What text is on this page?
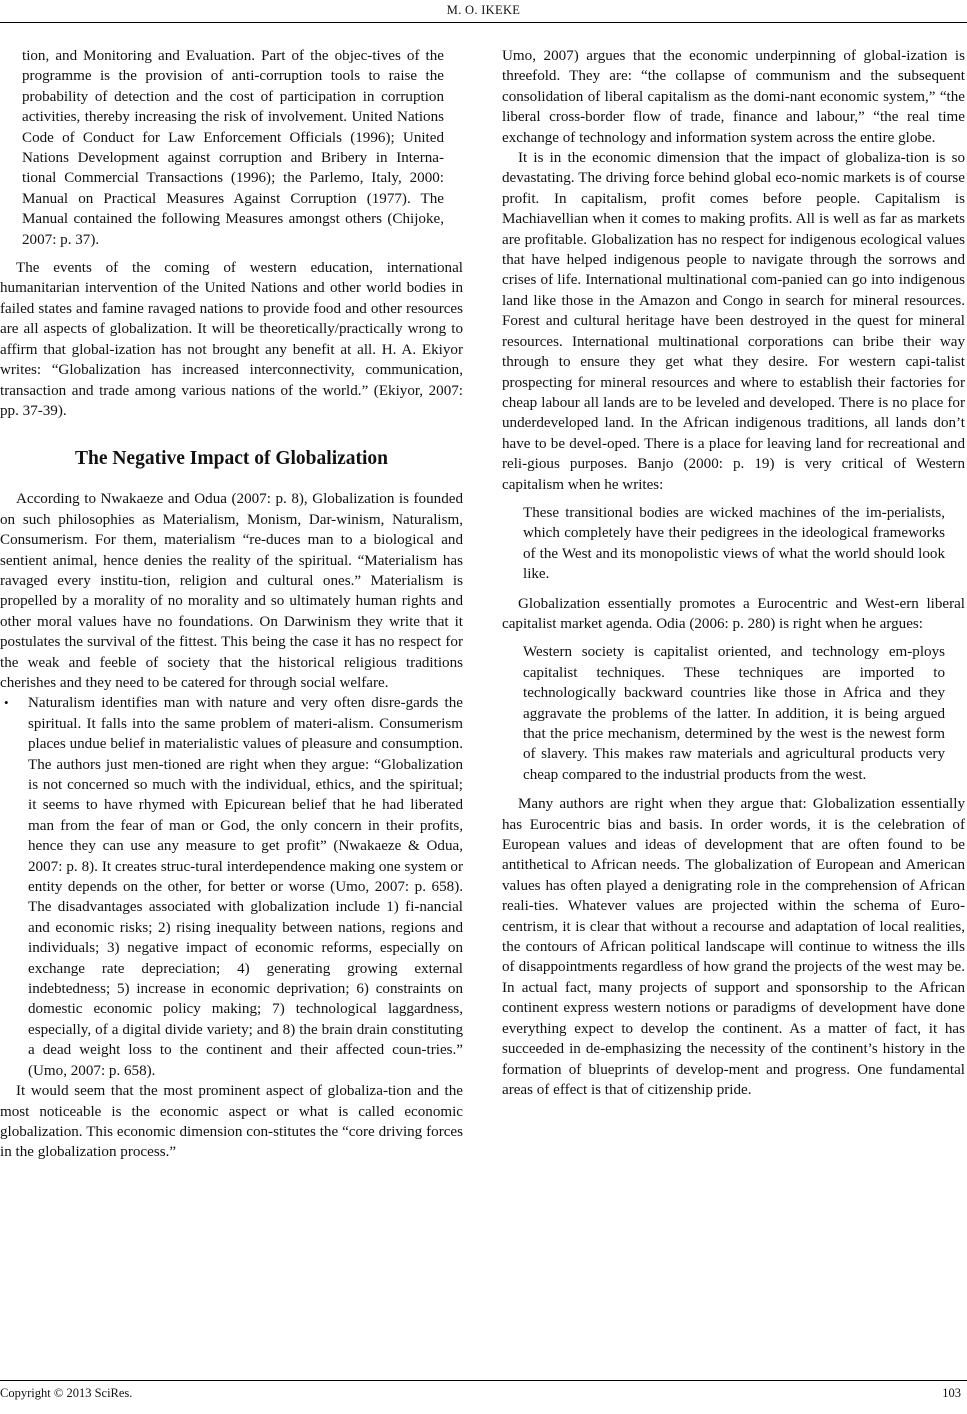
M. O. IKEKE

tion, and Monitoring and Evaluation. Part of the objec-tives of the programme is the provision of anti-corruption tools to raise the probability of detection and the cost of participation in corruption activities, thereby increasing the risk of involvement. United Nations Code of Conduct for Law Enforcement Officials (1996); United Nations Development against corruption and Bribery in Interna-tional Commercial Transactions (1996); the Parlemo, Italy, 2000: Manual on Practical Measures Against Corruption (1977). The Manual contained the following Measures amongst others (Chijoke, 2007: p. 37).

The events of the coming of western education, international humanitarian intervention of the United Nations and other world bodies in failed states and famine ravaged nations to provide food and other resources are all aspects of globalization. It will be theoretically/practically wrong to affirm that global-ization has not brought any benefit at all. H. A. Ekiyor writes: “Globalization has increased interconnectivity, communication, transaction and trade among various nations of the world.” (Ekiyor, 2007: pp. 37-39).

The Negative Impact of Globalization

According to Nwakaeze and Odua (2007: p. 8), Globalization is founded on such philosophies as Materialism, Monism, Dar-winism, Naturalism, Consumerism. For them, materialism “re-duces man to a biological and sentient animal, hence denies the reality of the spiritual. “Materialism has ravaged every institu-tion, religion and cultural ones.” Materialism is propelled by a morality of no morality and so ultimately human rights and other moral values have no foundations. On Darwinism they write that it postulates the survival of the fittest. This being the case it has no respect for the weak and feeble of society that the historical religious traditions cherishes and they need to be catered for through social welfare.

• Naturalism identifies man with nature and very often disre-gards the spiritual. It falls into the same problem of materi-alism. Consumerism places undue belief in materialistic values of pleasure and consumption. The authors just men-tioned are right when they argue: “Globalization is not concerned so much with the individual, ethics, and the spiritual; it seems to have rhymed with Epicurean belief that he had liberated man from the fear of man or God, the only concern in their profits, hence they can use any measure to get profit” (Nwakaeze & Odua, 2007: p. 8). It creates struc-tural interdependence making one system or entity depends on the other, for better or worse (Umo, 2007: p. 658). The disadvantages associated with globalization include 1) fi-nancial and economic risks; 2) rising inequality between nations, regions and individuals; 3) negative impact of economic reforms, especially on exchange rate depreciation; 4) generating growing external indebtedness; 5) increase in economic deprivation; 6) constraints on domestic economic policy making; 7) technological laggardness, especially, of a digital divide variety; and 8) the brain drain constituting a dead weight loss to the continent and their affected coun-tries.” (Umo, 2007: p. 658).

It would seem that the most prominent aspect of globaliza-tion and the most noticeable is the economic aspect or what is called economic globalization. This economic dimension con-stitutes the “core driving forces in the globalization process.”

Umo, 2007) argues that the economic underpinning of global-ization is threefold. They are: “the collapse of communism and the subsequent consolidation of liberal capitalism as the domi-nant economic system,” “the liberal cross-border flow of trade, finance and labour,” “the real time exchange of technology and information system across the entire globe.

It is in the economic dimension that the impact of globaliza-tion is so devastating. The driving force behind global eco-nomic markets is of course profit. In capitalism, profit comes before people. Capitalism is Machiavellian when it comes to making profits. All is well as far as markets are profitable. Globalization has no respect for indigenous ecological values that have helped indigenous people to navigate through the sorrows and crises of life. International multinational com-panied can go into indigenous land like those in the Amazon and Congo in search for mineral resources. Forest and cultural heritage have been destroyed in the quest for mineral resources. International multinational corporations can bribe their way through to ensure they get what they desire. For western capi-talist prospecting for mineral resources and where to establish their factories for cheap labour all lands are to be leveled and developed. There is no place for underdeveloped land. In the African indigenous traditions, all lands don’t have to be devel-oped. There is a place for leaving land for recreational and reli-gious purposes. Banjo (2000: p. 19) is very critical of Western capitalism when he writes:

These transitional bodies are wicked machines of the im-perialists, which completely have their pedigrees in the ideological frameworks of the West and its monopolistic views of what the world should look like.

Globalization essentially promotes a Eurocentric and West-ern liberal capitalist market agenda. Odia (2006: p. 280) is right when he argues:

Western society is capitalist oriented, and technology em-ploys capitalist techniques. These techniques are imported to technologically backward countries like those in Africa and they aggravate the problems of the latter. In addition, it is being argued that the price mechanism, determined by the west is the newest form of slavery. This makes raw materials and agricultural products very cheap compared to the industrial products from the west.

Many authors are right when they argue that: Globalization essentially has Eurocentric bias and basis. In order words, it is the celebration of European values and ideas of development that are often found to be antithetical to African needs. The globalization of European and American values has often played a denigrating role in the comprehension of African reali-ties. Whatever values are projected within the schema of Euro-centrism, it is clear that without a recourse and adaptation of local realities, the contours of African political landscape will continue to witness the ills of disappointments regardless of how grand the projects of the west may be. In actual fact, many projects of support and sponsorship to the African continent express western notions or paradigms of development have done everything expect to develop the continent. As a matter of fact, it has succeeded in de-emphasizing the necessity of the continent’s history in the formation of blueprints of develop-ment and progress. One fundamental areas of effect is that of citizenship pride.

Copyright © 2013 SciRes.	103
